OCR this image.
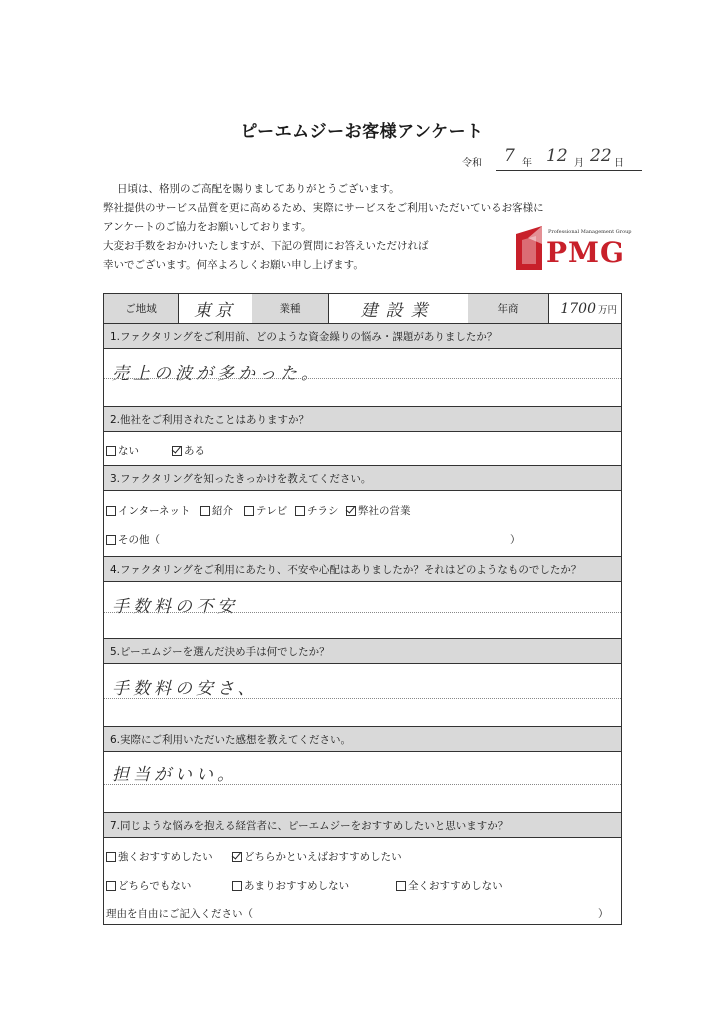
ピーエムジーお客様アンケート
令和 7 年 12 月 22 日

日頃は、格別のご高配を賜りましてありがとうございます。

弊社提供のサービス品質を更に高めるため、実際にサービスをご利用いただいているお客様に

アンケートのご協力をお願いしております。

大変お手数をおかけいたしますが、下記の質問にお答えいただければ

幸いでございます。何卒よろしくお願い申し上げます。

Professional Management Group
PMG
ご地域	東京	業種	建設業	年商	1700 万円
1.ファクタリングをご利用前、どのような資金繰りの悩み・課題がありましたか？
売上の波が多かった。
2.他社をご利用されたことはありますか？
ない	ある
3.ファクタリングを知ったきっかけを教えてください。
インターネット 紹介 テレビ チラシ 弊社の営業
その他（	）
4.ファクタリングをご利用にあたり、不安や心配はありましたか？それはどのようなものでしたか？
手数料の不安
5.ピーエムジーを選んだ決め手は何でしたか？
手数料の安さ、
6.実際にご利用いただいた感想を教えてください。
担当がいい。
7.同じような悩みを抱える経営者に、ピーエムジーをおすすめしたいと思いますか？
強くおすすめしたい	どちらかといえばおすすめしたい
どちらでもない	あまりおすすめしない	全くおすすめしない
理由を自由にご記入ください（	）
